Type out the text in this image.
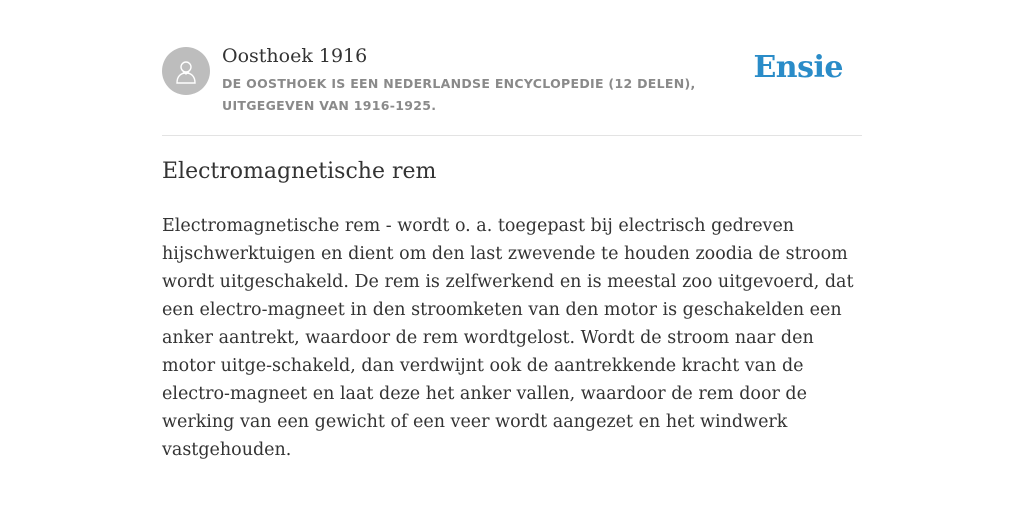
Oosthoek 1916
DE OOSTHOEK IS EEN NEDERLANDSE ENCYCLOPEDIE (12 DELEN), UITGEGEVEN VAN 1916-1925.
Ensie
Electromagnetische rem

Electromagnetische rem - wordt o. a. toegepast bij electrisch gedreven hijschwerktuigen en dient om den last zwevende te houden zoodia de stroom wordt uitgeschakeld. De rem is zelfwerkend en is meestal zoo uitgevoerd, dat een electro-magneet in den stroomketen van den motor is geschakelden een anker aantrekt, waardoor de rem wordtgelost. Wordt de stroom naar den motor uitge-schakeld, dan verdwijnt ook de aantrekkende kracht van de electro-magneet en laat deze het anker vallen, waardoor de rem door de werking van een gewicht of een veer wordt aangezet en het windwerk vastgehouden.
